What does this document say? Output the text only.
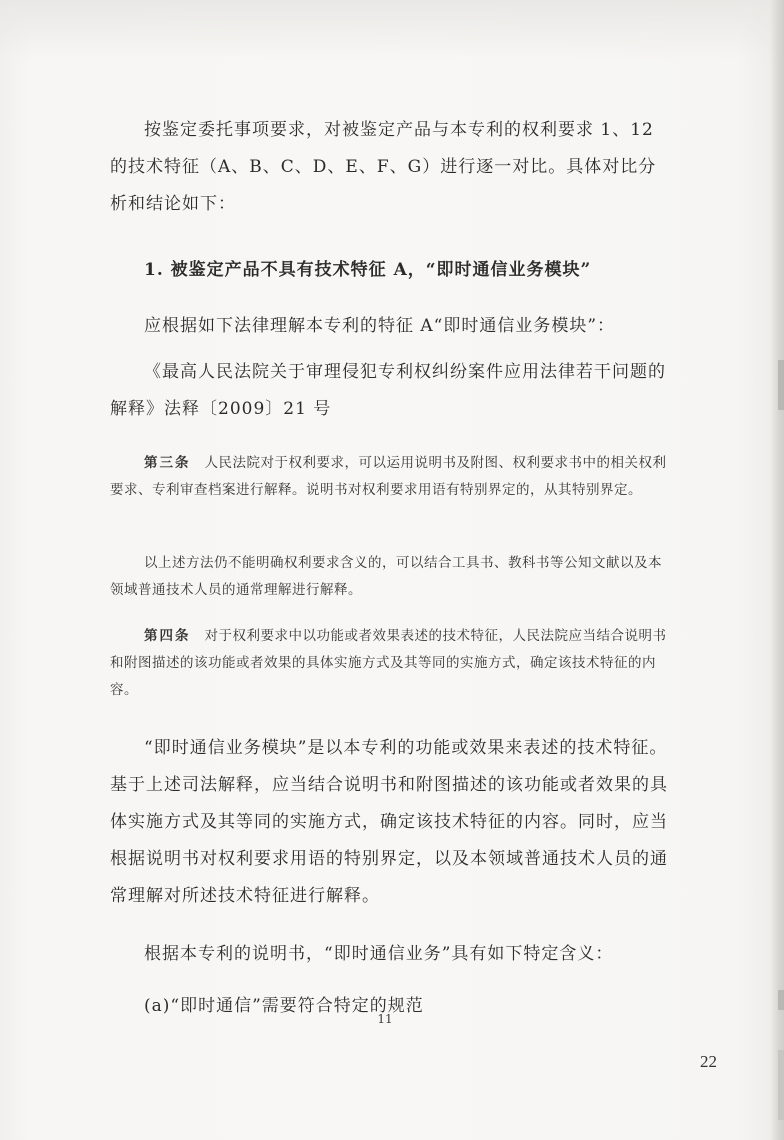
按鉴定委托事项要求，对被鉴定产品与本专利的权利要求 1、12 的技术特征（A、B、C、D、E、F、G）进行逐一对比。具体对比分析和结论如下：

1. 被鉴定产品不具有技术特征 A，“即时通信业务模块”

应根据如下法律理解本专利的特征 A“即时通信业务模块”：

《最高人民法院关于审理侵犯专利权纠纷案件应用法律若干问题的解释》法释〔2009〕21 号

第三条　 人民法院对于权利要求，可以运用说明书及附图、权利要求书中的相关权利要求、专利审查档案进行解释。说明书对权利要求用语有特别界定的，从其特别界定。

以上述方法仍不能明确权利要求含义的，可以结合工具书、教科书等公知文献以及本领域普通技术人员的通常理解进行解释。

第四条　 对于权利要求中以功能或者效果表述的技术特征，人民法院应当结合说明书和附图描述的该功能或者效果的具体实施方式及其等同的实施方式，确定该技术特征的内容。

“即时通信业务模块”是以本专利的功能或效果来表述的技术特征。基于上述司法解释，应当结合说明书和附图描述的该功能或者效果的具体实施方式及其等同的实施方式，确定该技术特征的内容。同时，应当根据说明书对权利要求用语的特别界定，以及本领域普通技术人员的通常理解对所述技术特征进行解释。

根据本专利的说明书，“即时通信业务”具有如下特定含义：

(a)“即时通信”需要符合特定的规范

11
22
